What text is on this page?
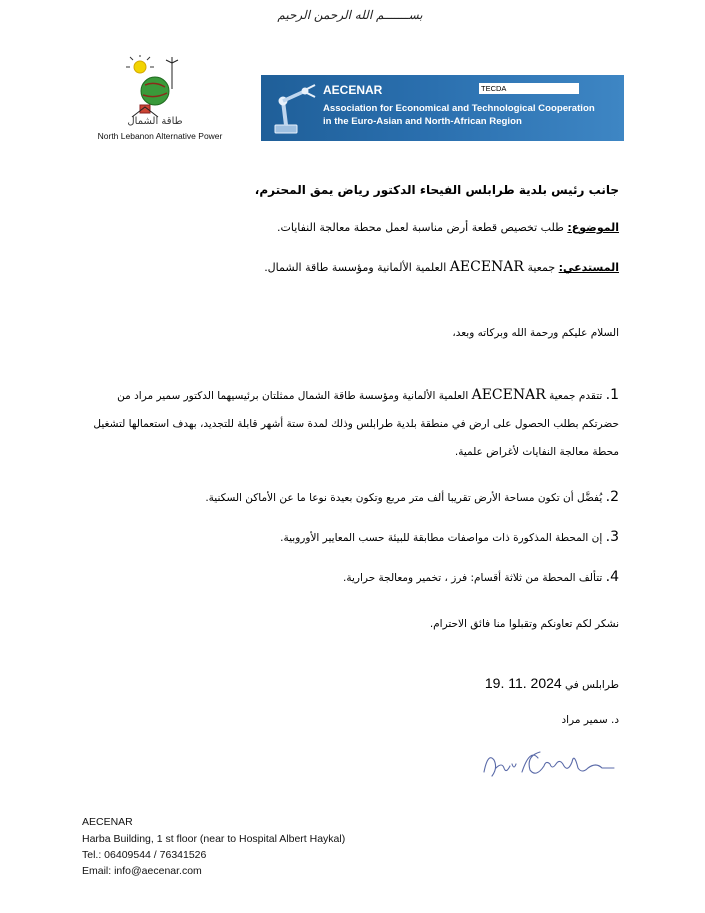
بســـــــم الله الرحمن الرحيم
طاقة الشمال
North Lebanon Alternative Power
AECENAR	TECDA
Association for Economical and Technological Cooperation
in the Euro-Asian and North-African Region
جانب رئيس بلدية طرابلس الفيحاء الدكتور رياض يمق المحترم،
الموضوع: طلب تخصيص قطعة أرض مناسبة لعمل محطة معالجة النفايات.
المستدعي: جمعية AECENAR العلمية الألمانية ومؤسسة طاقة الشمال.
السلام عليكم ورحمة الله وبركاته وبعد،
1. تتقدم جمعية AECENAR العلمية الألمانية ومؤسسة طاقة الشمال ممثلتان برئيسيهما الدكتور سمير مراد من حضرتكم بطلب الحصول على ارض في منطقة بلدية طرابلس وذلك لمدة ستة أشهر قابلة للتجديد، بهدف استعمالها لتشغيل محطة معالجة النفايات لأغراض علمية.
2. يُفضَّل أن تكون مساحة الأرض تقريبا ألف متر مربع وتكون بعيدة نوعا ما عن الأماكن السكنية.
3. إن المحطة المذكورة ذات مواصفات مطابقة للبيئة حسب المعايير الأوروبية.
4. تتألف المحطة من ثلاثة أقسام: فرز ، تخمير ومعالجة حرارية.
نشكر لكم تعاونكم وتقبلوا منا فائق الاحترام.
طرابلس في 19. 11. 2024
د. سمير مراد
AECENAR
Harba Building, 1 st floor (near to Hospital Albert Haykal)
Tel.: 06409544 / 76341526
Email: info@aecenar.com
